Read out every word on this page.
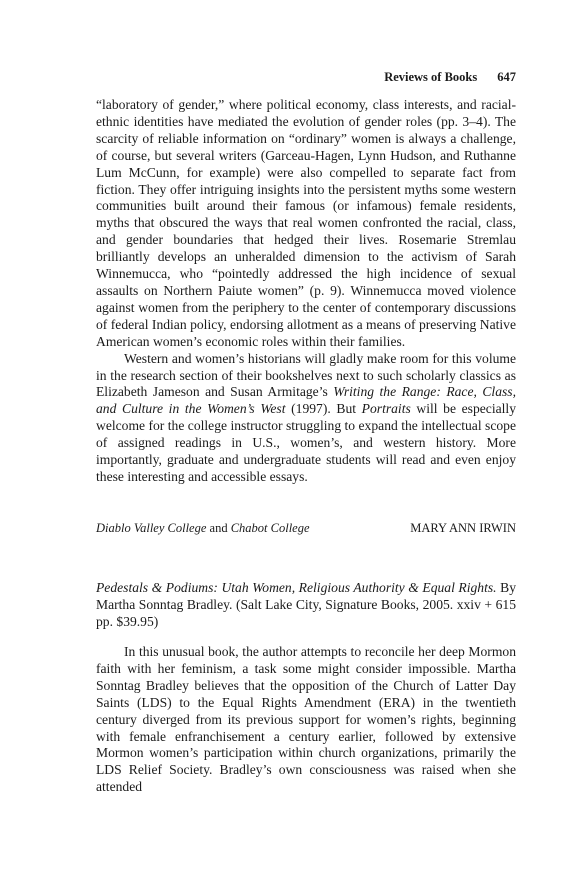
Reviews of Books 647

“laboratory of gender,” where political economy, class interests, and racial-ethnic identities have mediated the evolution of gender roles (pp. 3–4). The scarcity of reliable information on “ordinary” women is always a challenge, of course, but several writers (Garceau-Hagen, Lynn Hudson, and Ruthanne Lum McCunn, for example) were also compelled to separate fact from fiction. They offer intriguing insights into the persistent myths some western communities built around their famous (or infamous) female residents, myths that obscured the ways that real women confronted the racial, class, and gender boundaries that hedged their lives. Rosemarie Stremlau brilliantly develops an unheralded dimension to the activism of Sarah Winnemucca, who “pointedly addressed the high incidence of sexual assaults on Northern Paiute women” (p. 9). Winnemucca moved violence against women from the periphery to the center of contemporary discussions of federal Indian policy, endorsing allotment as a means of preserving Native American women’s economic roles within their families.

Western and women’s historians will gladly make room for this volume in the research section of their bookshelves next to such scholarly classics as Elizabeth Jameson and Susan Armitage’s Writing the Range: Race, Class, and Culture in the Women’s West (1997). But Portraits will be especially welcome for the college instructor struggling to expand the intellectual scope of assigned readings in U.S., women’s, and western history. More importantly, graduate and undergraduate students will read and even enjoy these interesting and accessible essays.

Diablo Valley College and Chabot College	MARY ANN IRWIN

Pedestals & Podiums: Utah Women, Religious Authority & Equal Rights. By Martha Sonntag Bradley. (Salt Lake City, Signature Books, 2005. xxiv + 615 pp. $39.95)

In this unusual book, the author attempts to reconcile her deep Mormon faith with her feminism, a task some might consider impossible. Martha Sonntag Bradley believes that the opposition of the Church of Latter Day Saints (LDS) to the Equal Rights Amendment (ERA) in the twentieth century diverged from its previous support for women’s rights, beginning with female enfranchisement a century earlier, followed by extensive Mormon women’s participation within church organizations, primarily the LDS Relief Society. Bradley’s own consciousness was raised when she attended
